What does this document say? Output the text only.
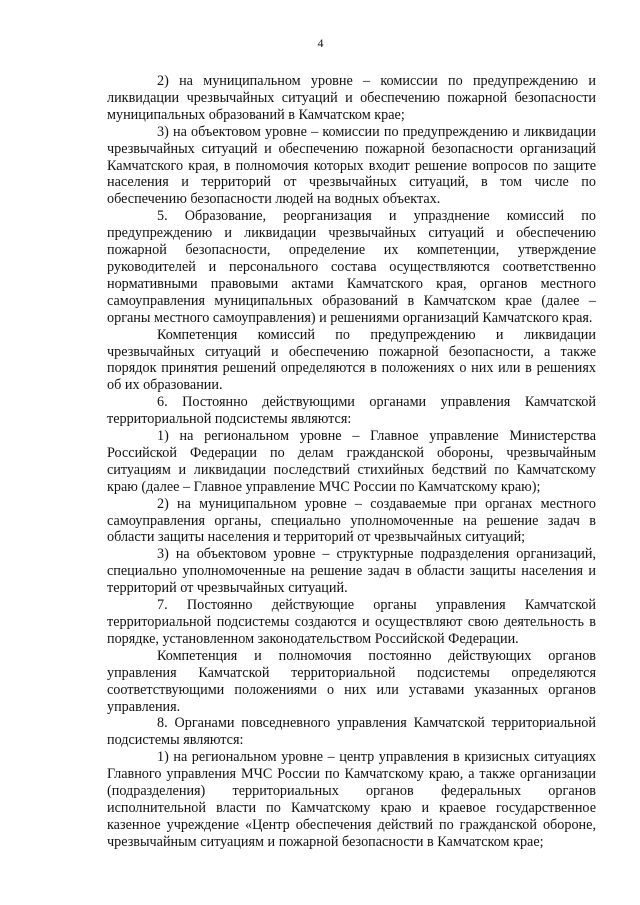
4

2) на муниципальном уровне – комиссии по предупреждению и ликвидации чрезвычайных ситуаций и обеспечению пожарной безопасности муниципальных образований в Камчатском крае;

3) на объектовом уровне – комиссии по предупреждению и ликвидации чрезвычайных ситуаций и обеспечению пожарной безопасности организаций Камчатского края, в полномочия которых входит решение вопросов по защите населения и территорий от чрезвычайных ситуаций, в том числе по обеспечению безопасности людей на водных объектах.

5. Образование, реорганизация и упразднение комиссий по предупреждению и ликвидации чрезвычайных ситуаций и обеспечению пожарной безопасности, определение их компетенции, утверждение руководителей и персонального состава осуществляются соответственно нормативными правовыми актами Камчатского края, органов местного самоуправления муниципальных образований в Камчатском крае (далее – органы местного самоуправления) и решениями организаций Камчатского края.

Компетенция комиссий по предупреждению и ликвидации чрезвычайных ситуаций и обеспечению пожарной безопасности, а также порядок принятия решений определяются в положениях о них или в решениях об их образовании.

6. Постоянно действующими органами управления Камчатской территориальной подсистемы являются:

1) на региональном уровне – Главное управление Министерства Российской Федерации по делам гражданской обороны, чрезвычайным ситуациям и ликвидации последствий стихийных бедствий по Камчатскому краю (далее – Главное управление МЧС России по Камчатскому краю);

2) на муниципальном уровне – создаваемые при органах местного самоуправления органы, специально уполномоченные на решение задач в области защиты населения и территорий от чрезвычайных ситуаций;

3) на объектовом уровне – структурные подразделения организаций, специально уполномоченные на решение задач в области защиты населения и территорий от чрезвычайных ситуаций.

7. Постоянно действующие органы управления Камчатской территориальной подсистемы создаются и осуществляют свою деятельность в порядке, установленном законодательством Российской Федерации.

Компетенция и полномочия постоянно действующих органов управления Камчатской территориальной подсистемы определяются соответствующими положениями о них или уставами указанных органов управления.

8. Органами повседневного управления Камчатской территориальной подсистемы являются:

1) на региональном уровне – центр управления в кризисных ситуациях Главного управления МЧС России по Камчатскому краю, а также организации (подразделения) территориальных органов федеральных органов исполнительной власти по Камчатскому краю и краевое государственное казенное учреждение «Центр обеспечения действий по гражданской обороне, чрезвычайным ситуациям и пожарной безопасности в Камчатском крае;
